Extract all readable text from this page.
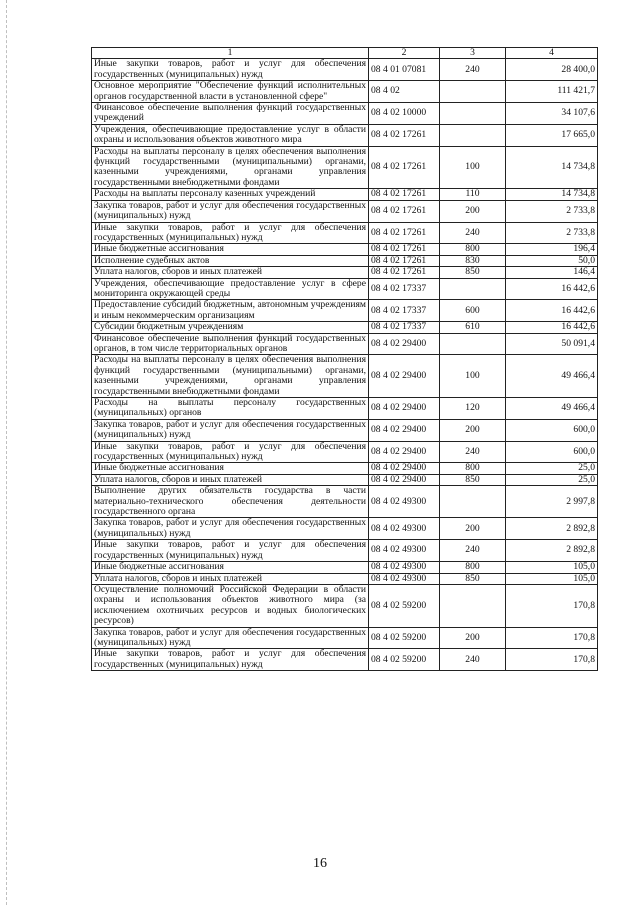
1	2	3	4
Иные закупки товаров, работ и услуг для обеспечения государственных (муниципальных) нужд	08 4 01 07081	240	28 400,0
Основное мероприятие "Обеспечение функций исполнительных органов государственной власти в установленной сфере"	08 4 02		111 421,7
Финансовое обеспечение выполнения функций государственных учреждений	08 4 02 10000		34 107,6
Учреждения, обеспечивающие предоставление услуг в области охраны и использования объектов животного мира	08 4 02 17261		17 665,0
Расходы на выплаты персоналу в целях обеспечения выполнения функций государственными (муниципальными) органами, казенными учреждениями, органами управления государственными внебюджетными фондами	08 4 02 17261	100	14 734,8
Расходы на выплаты персоналу казенных учреждений	08 4 02 17261	110	14 734,8
Закупка товаров, работ и услуг для обеспечения государственных (муниципальных) нужд	08 4 02 17261	200	2 733,8
Иные закупки товаров, работ и услуг для обеспечения государственных (муниципальных) нужд	08 4 02 17261	240	2 733,8
Иные бюджетные ассигнования	08 4 02 17261	800	196,4
Исполнение судебных актов	08 4 02 17261	830	50,0
Уплата налогов, сборов и иных платежей	08 4 02 17261	850	146,4
Учреждения, обеспечивающие предоставление услуг в сфере мониторинга окружающей среды	08 4 02 17337		16 442,6
Предоставление субсидий бюджетным, автономным учреждениям и иным некоммерческим организациям	08 4 02 17337	600	16 442,6
Субсидии бюджетным учреждениям	08 4 02 17337	610	16 442,6
Финансовое обеспечение выполнения функций государственных органов, в том числе территориальных органов	08 4 02 29400		50 091,4
Расходы на выплаты персоналу в целях обеспечения выполнения функций государственными (муниципальными) органами, казенными учреждениями, органами управления государственными внебюджетными фондами	08 4 02 29400	100	49 466,4
Расходы на выплаты персоналу государственных (муниципальных) органов	08 4 02 29400	120	49 466,4
Закупка товаров, работ и услуг для обеспечения государственных (муниципальных) нужд	08 4 02 29400	200	600,0
Иные закупки товаров, работ и услуг для обеспечения государственных (муниципальных) нужд	08 4 02 29400	240	600,0
Иные бюджетные ассигнования	08 4 02 29400	800	25,0
Уплата налогов, сборов и иных платежей	08 4 02 29400	850	25,0
Выполнение других обязательств государства в части материально-технического обеспечения деятельности государственного органа	08 4 02 49300		2 997,8
Закупка товаров, работ и услуг для обеспечения государственных (муниципальных) нужд	08 4 02 49300	200	2 892,8
Иные закупки товаров, работ и услуг для обеспечения государственных (муниципальных) нужд	08 4 02 49300	240	2 892,8
Иные бюджетные ассигнования	08 4 02 49300	800	105,0
Уплата налогов, сборов и иных платежей	08 4 02 49300	850	105,0
Осуществление полномочий Российской Федерации в области охраны и использования объектов животного мира (за исключением охотничьих ресурсов и водных биологических ресурсов)	08 4 02 59200		170,8
Закупка товаров, работ и услуг для обеспечения государственных (муниципальных) нужд	08 4 02 59200	200	170,8
Иные закупки товаров, работ и услуг для обеспечения государственных (муниципальных) нужд	08 4 02 59200	240	170,8
16
